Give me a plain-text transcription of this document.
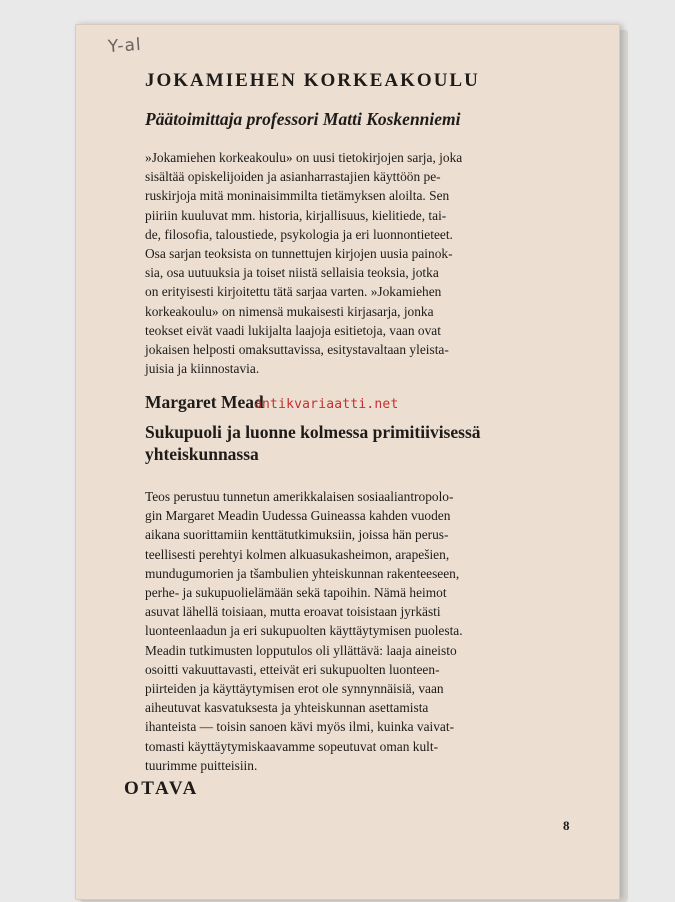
Y-al
JOKAMIEHEN KORKEAKOULU
Päätoimittaja professori Matti Koskenniemi

»Jokamiehen korkeakoulu» on uusi tietokirjojen sarja, joka
sisältää opiskelijoiden ja asianharrastajien käyttöön pe-
ruskirjoja mitä moninaisimmilta tietämyksen aloilta. Sen
piiriin kuuluvat mm. historia, kirjallisuus, kielitiede, tai-
de, filosofia, taloustiede, psykologia ja eri luonnontieteet.
Osa sarjan teoksista on tunnettujen kirjojen uusia painok-
sia, osa uutuuksia ja toiset niistä sellaisia teoksia, jotka
on erityisesti kirjoitettu tätä sarjaa varten. »Jokamiehen
korkeakoulu» on nimensä mukaisesti kirjasarja, jonka
teokset eivät vaadi lukijalta laajoja esitietoja, vaan ovat
jokaisen helposti omaksuttavissa, esitystavaltaan yleista-
juisia ja kiinnostavia.

Margaret Mead
antikvariaatti.net
Sukupuoli ja luonne kolmessa primitiivisessä
yhteiskunnassa

Teos perustuu tunnetun amerikkalaisen sosiaaliantropolo-
gin Margaret Meadin Uudessa Guineassa kahden vuoden
aikana suorittamiin kenttätutkimuksiin, joissa hän perus-
teellisesti perehtyi kolmen alkuasukasheimon, arapešien,
mundugumorien ja tšambulien yhteiskunnan rakenteeseen,
perhe- ja sukupuolielämään sekä tapoihin. Nämä heimot
asuvat lähellä toisiaan, mutta eroavat toisistaan jyrkästi
luonteenlaadun ja eri sukupuolten käyttäytymisen puolesta.
Meadin tutkimusten lopputulos oli yllättävä: laaja aineisto
osoitti vakuuttavasti, etteivät eri sukupuolten luonteen-
piirteiden ja käyttäytymisen erot ole synnynnäisiä, vaan
aiheutuvat kasvatuksesta ja yhteiskunnan asettamista
ihanteista — toisin sanoen kävi myös ilmi, kuinka vaivat-
tomasti käyttäytymiskaavamme sopeutuvat oman kult-
tuurimme puitteisiin.

OTAVA
8
